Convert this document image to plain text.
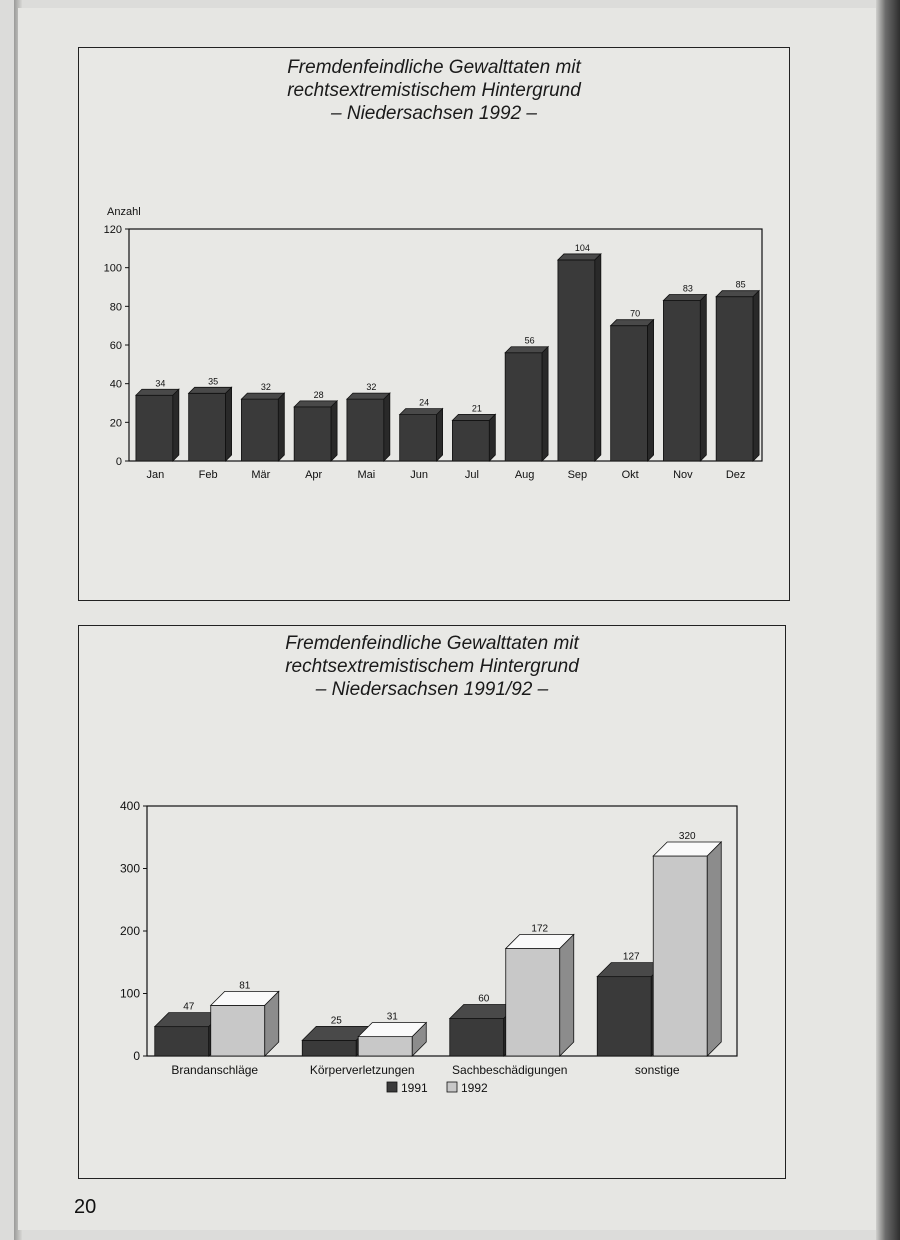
Fremdenfeindliche Gewalttaten mit
rechtsextremistischem Hintergrund
– Niedersachsen 1992 –
Anzahl
0
20
40
60
80
100
120
34
Jan
35
Feb
32
Mär
28
Apr
32
Mai
24
Jun
21
Jul
56
Aug
104
Sep
70
Okt
83
Nov
85
Dez
Fremdenfeindliche Gewalttaten mit
rechtsextremistischem Hintergrund
– Niedersachsen 1991/92 –
0
100
200
300
400
47
81
Brandanschläge
25	31
Körperverletzungen
60
172
Sachbeschädigungen
127
320
sonstige
1991	1992
20
